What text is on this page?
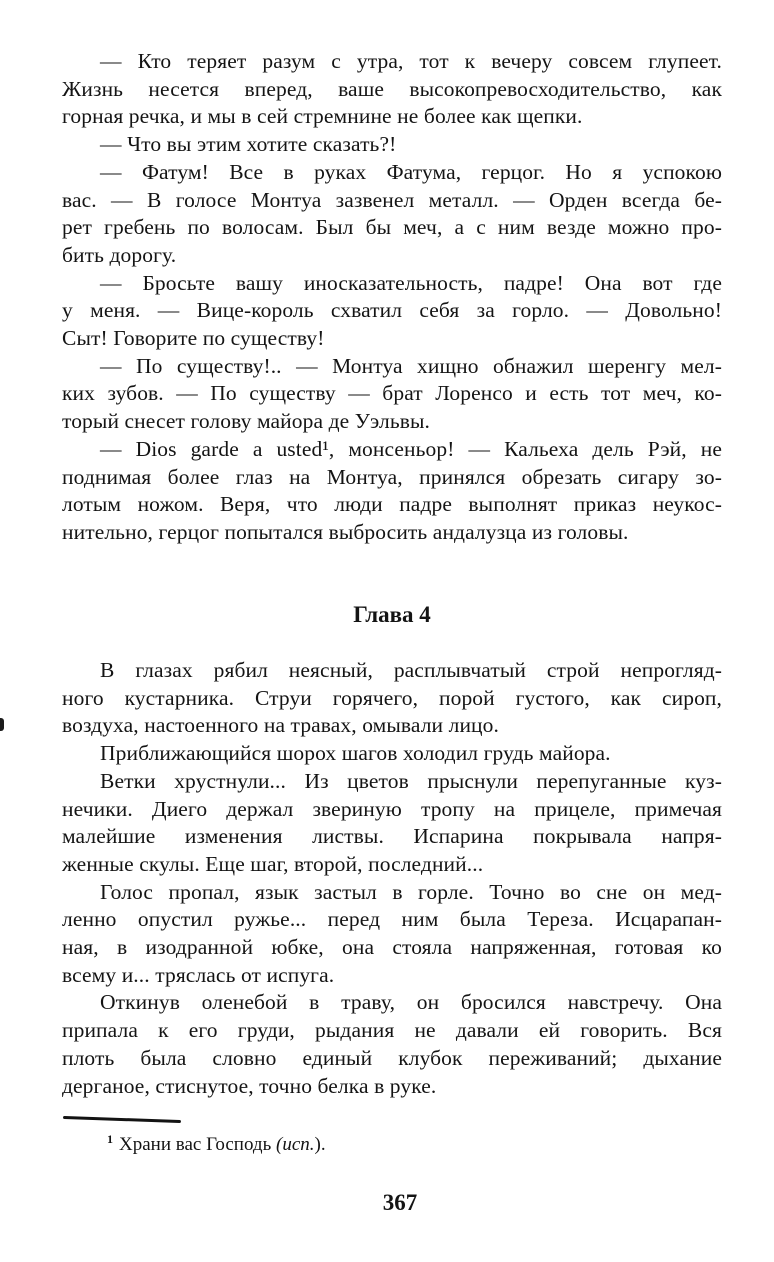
— Кто теряет разум с утра, тот к вечеру совсем глупеет.
Жизнь несется вперед, ваше высокопревосходительство, как
горная речка, и мы в сей стремнине не более как щепки.
— Что вы этим хотите сказать?!
— Фатум! Все в руках Фатума, герцог. Но я успокою
вас. — В голосе Монтуа зазвенел металл. — Орден всегда бе-
рет гребень по волосам. Был бы меч, а с ним везде можно про-
бить дорогу.
— Бросьте вашу иносказательность, падре! Она вот где
у меня. — Вице-король схватил себя за горло. — Довольно!
Сыт! Говорите по существу!
— По существу!.. — Монтуа хищно обнажил шеренгу мел-
ких зубов. — По существу — брат Лоренсо и есть тот меч, ко-
торый снесет голову майора де Уэльвы.
— Dios garde a usted¹, монсеньор! — Кальеха дель Рэй, не
поднимая более глаз на Монтуа, принялся обрезать сигару зо-
лотым ножом. Веря, что люди падре выполнят приказ неукос-
нительно, герцог попытался выбросить андалузца из головы.
Глава 4
В глазах рябил неясный, расплывчатый строй непрогляд-
ного кустарника. Струи горячего, порой густого, как сироп,
воздуха, настоенного на травах, омывали лицо.
Приближающийся шорох шагов холодил грудь майора.
Ветки хрустнули... Из цветов прыснули перепуганные куз-
нечики. Диего держал звериную тропу на прицеле, примечая
малейшие изменения листвы. Испарина покрывала напря-
женные скулы. Еще шаг, второй, последний...
Голос пропал, язык застыл в горле. Точно во сне он мед-
ленно опустил ружье... перед ним была Тереза. Исцарапан-
ная, в изодранной юбке, она стояла напряженная, готовая ко
всему и... тряслась от испуга.
Откинув оленебой в траву, он бросился навстречу. Она
припала к его груди, рыдания не давали ей говорить. Вся
плоть была словно единый клубок переживаний; дыхание
дерганое, стиснутое, точно белка в руке.
$^1$ Храни вас Господь (исп.).
367
